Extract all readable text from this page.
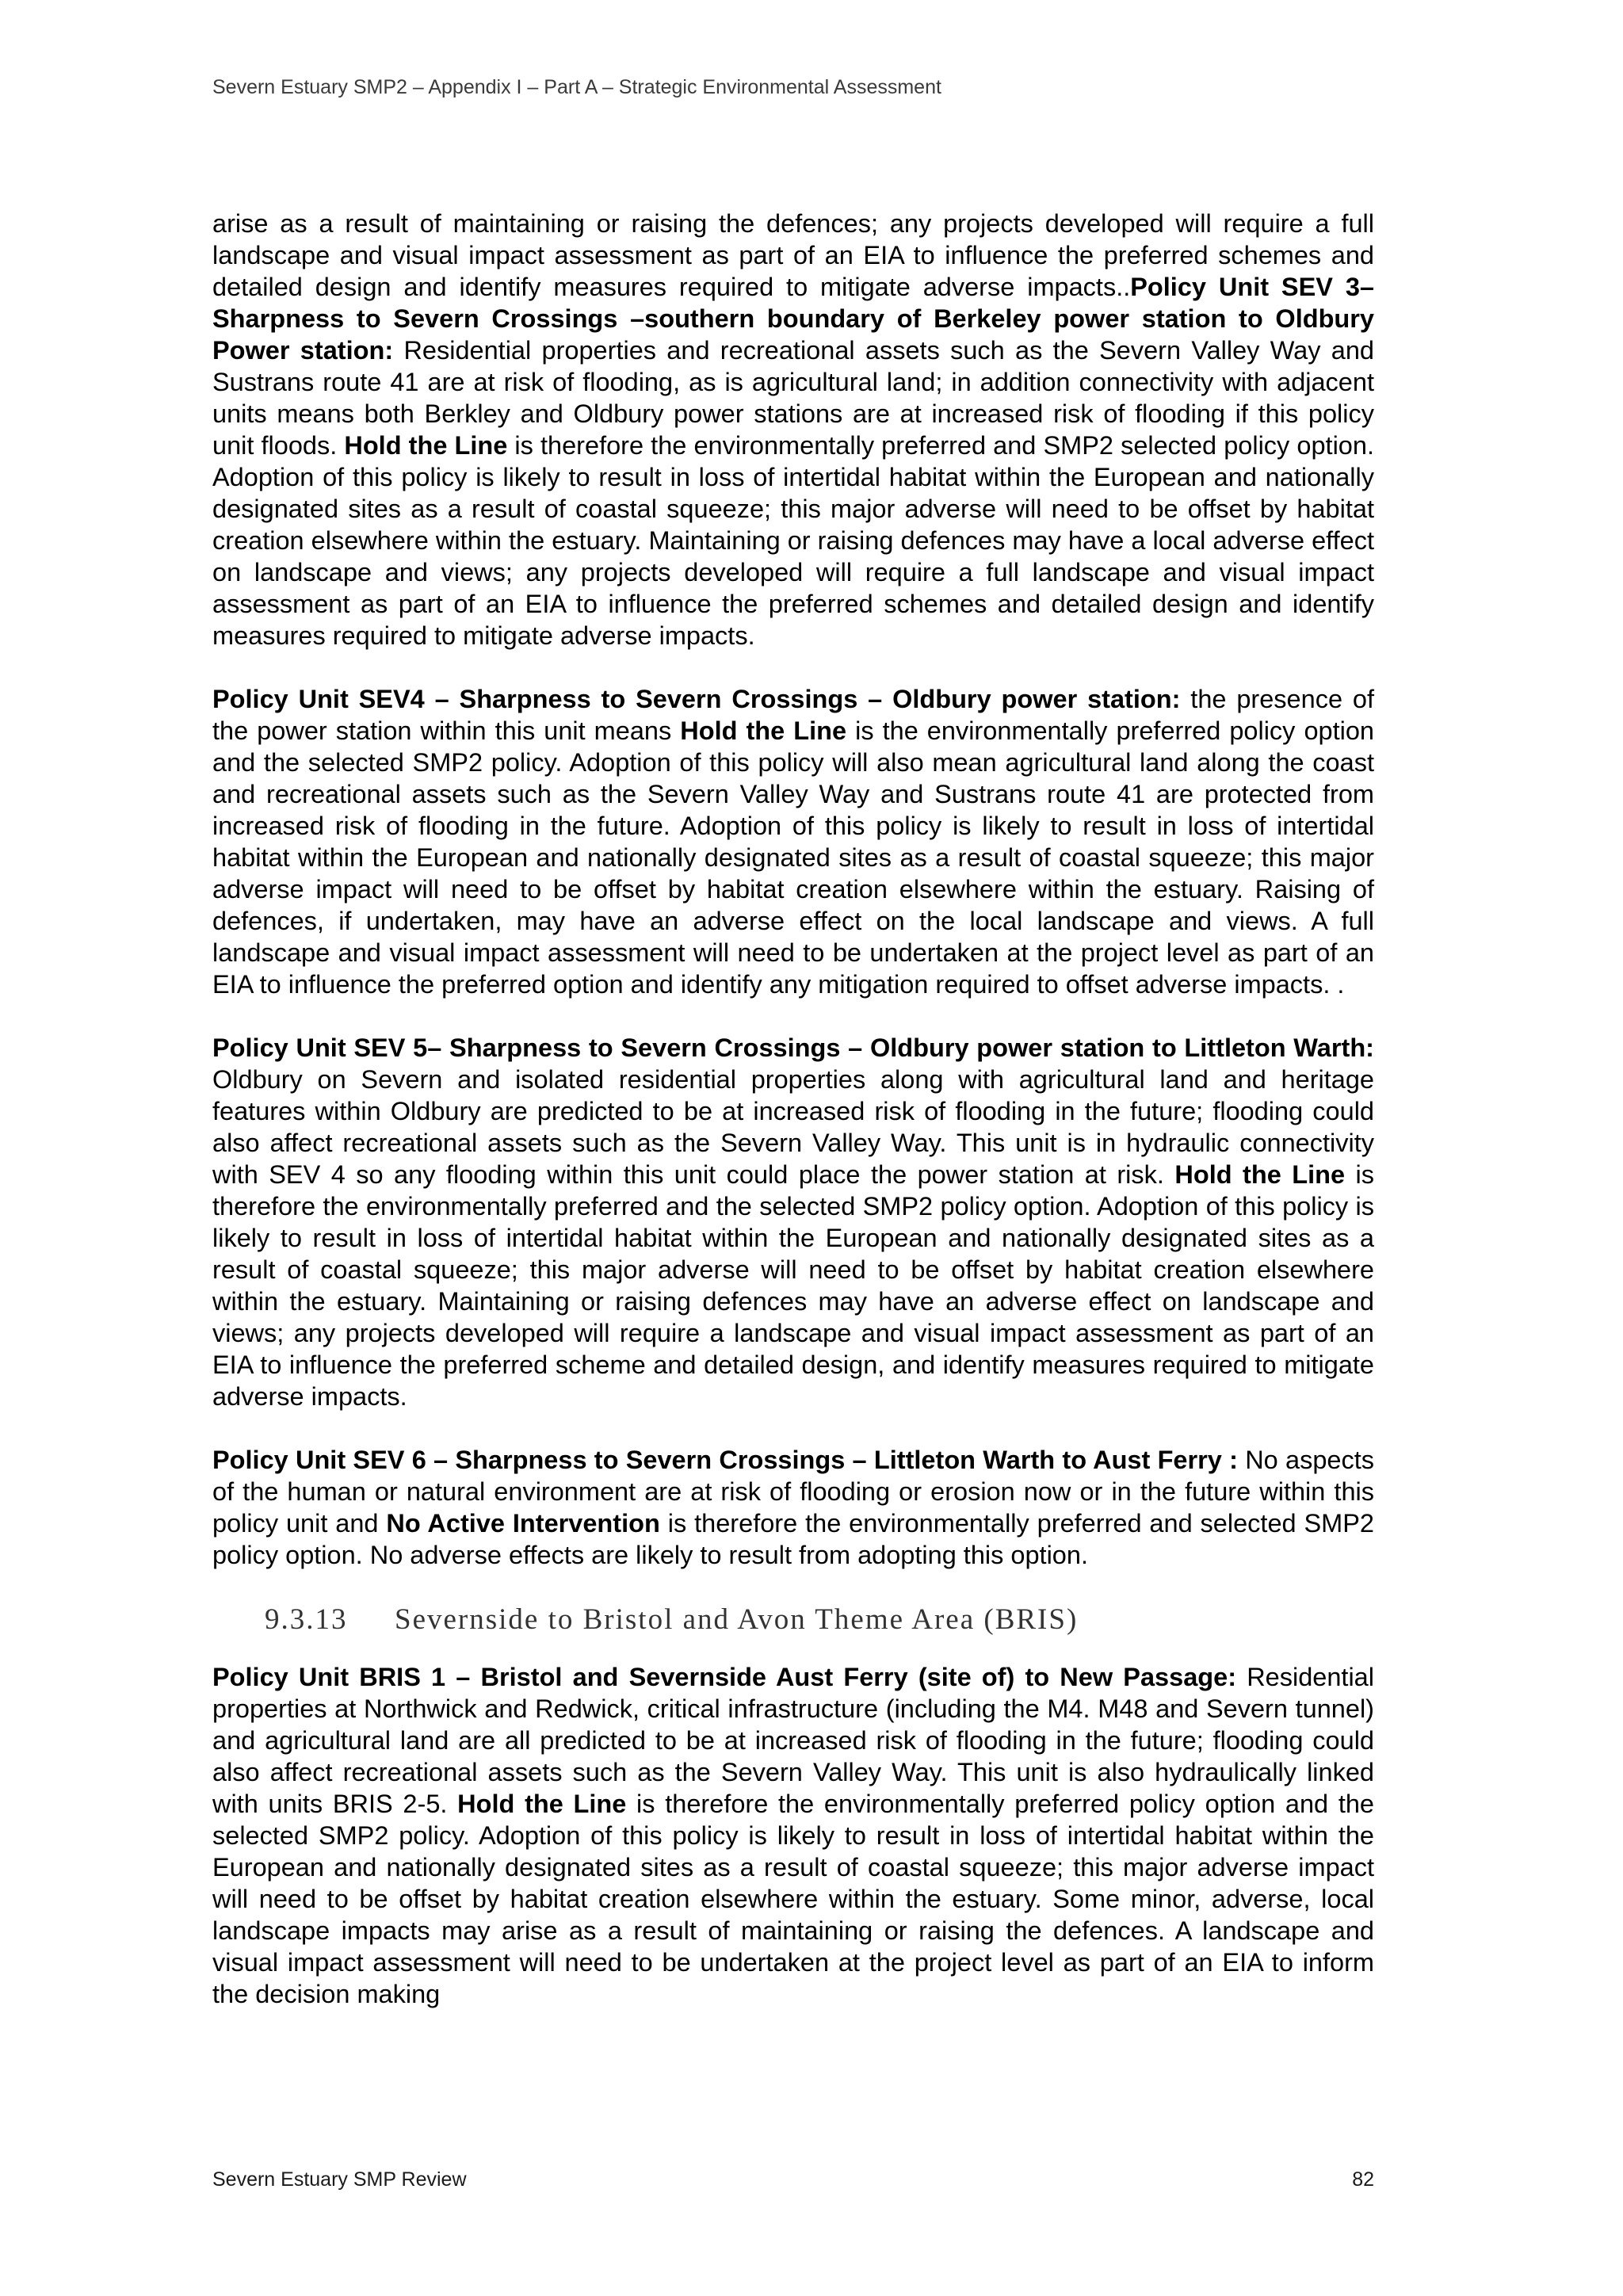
Severn Estuary SMP2 – Appendix I – Part A – Strategic Environmental Assessment

arise as a result of maintaining or raising the defences; any projects developed will require a full landscape and visual impact assessment as part of an EIA to influence the preferred schemes and detailed design and identify measures required to mitigate adverse impacts..Policy Unit SEV 3– Sharpness to Severn Crossings –southern boundary of Berkeley power station to Oldbury Power station: Residential properties and recreational assets such as the Severn Valley Way and Sustrans route 41 are at risk of flooding, as is agricultural land; in addition connectivity with adjacent units means both Berkley and Oldbury power stations are at increased risk of flooding if this policy unit floods. Hold the Line is therefore the environmentally preferred and SMP2 selected policy option. Adoption of this policy is likely to result in loss of intertidal habitat within the European and nationally designated sites as a result of coastal squeeze; this major adverse will need to be offset by habitat creation elsewhere within the estuary. Maintaining or raising defences may have a local adverse effect on landscape and views; any projects developed will require a full landscape and visual impact assessment as part of an EIA to influence the preferred schemes and detailed design and identify measures required to mitigate adverse impacts.

Policy Unit SEV4 – Sharpness to Severn Crossings – Oldbury power station: the presence of the power station within this unit means Hold the Line is the environmentally preferred policy option and the selected SMP2 policy. Adoption of this policy will also mean agricultural land along the coast and recreational assets such as the Severn Valley Way and Sustrans route 41 are protected from increased risk of flooding in the future. Adoption of this policy is likely to result in loss of intertidal habitat within the European and nationally designated sites as a result of coastal squeeze; this major adverse impact will need to be offset by habitat creation elsewhere within the estuary. Raising of defences, if undertaken, may have an adverse effect on the local landscape and views. A full landscape and visual impact assessment will need to be undertaken at the project level as part of an EIA to influence the preferred option and identify any mitigation required to offset adverse impacts. .

Policy Unit SEV 5– Sharpness to Severn Crossings – Oldbury power station to Littleton Warth: Oldbury on Severn and isolated residential properties along with agricultural land and heritage features within Oldbury are predicted to be at increased risk of flooding in the future; flooding could also affect recreational assets such as the Severn Valley Way. This unit is in hydraulic connectivity with SEV 4 so any flooding within this unit could place the power station at risk. Hold the Line is therefore the environmentally preferred and the selected SMP2 policy option. Adoption of this policy is likely to result in loss of intertidal habitat within the European and nationally designated sites as a result of coastal squeeze; this major adverse will need to be offset by habitat creation elsewhere within the estuary. Maintaining or raising defences may have an adverse effect on landscape and views; any projects developed will require a landscape and visual impact assessment as part of an EIA to influence the preferred scheme and detailed design, and identify measures required to mitigate adverse impacts.

Policy Unit SEV 6 – Sharpness to Severn Crossings – Littleton Warth to Aust Ferry : No aspects of the human or natural environment are at risk of flooding or erosion now or in the future within this policy unit and No Active Intervention is therefore the environmentally preferred and selected SMP2 policy option. No adverse effects are likely to result from adopting this option.

9.3.13 Severnside to Bristol and Avon Theme Area (BRIS)

Policy Unit BRIS 1 – Bristol and Severnside Aust Ferry (site of) to New Passage: Residential properties at Northwick and Redwick, critical infrastructure (including the M4. M48 and Severn tunnel) and agricultural land are all predicted to be at increased risk of flooding in the future; flooding could also affect recreational assets such as the Severn Valley Way. This unit is also hydraulically linked with units BRIS 2-5. Hold the Line is therefore the environmentally preferred policy option and the selected SMP2 policy. Adoption of this policy is likely to result in loss of intertidal habitat within the European and nationally designated sites as a result of coastal squeeze; this major adverse impact will need to be offset by habitat creation elsewhere within the estuary. Some minor, adverse, local landscape impacts may arise as a result of maintaining or raising the defences. A landscape and visual impact assessment will need to be undertaken at the project level as part of an EIA to inform the decision making

Severn Estuary SMP Review	82
